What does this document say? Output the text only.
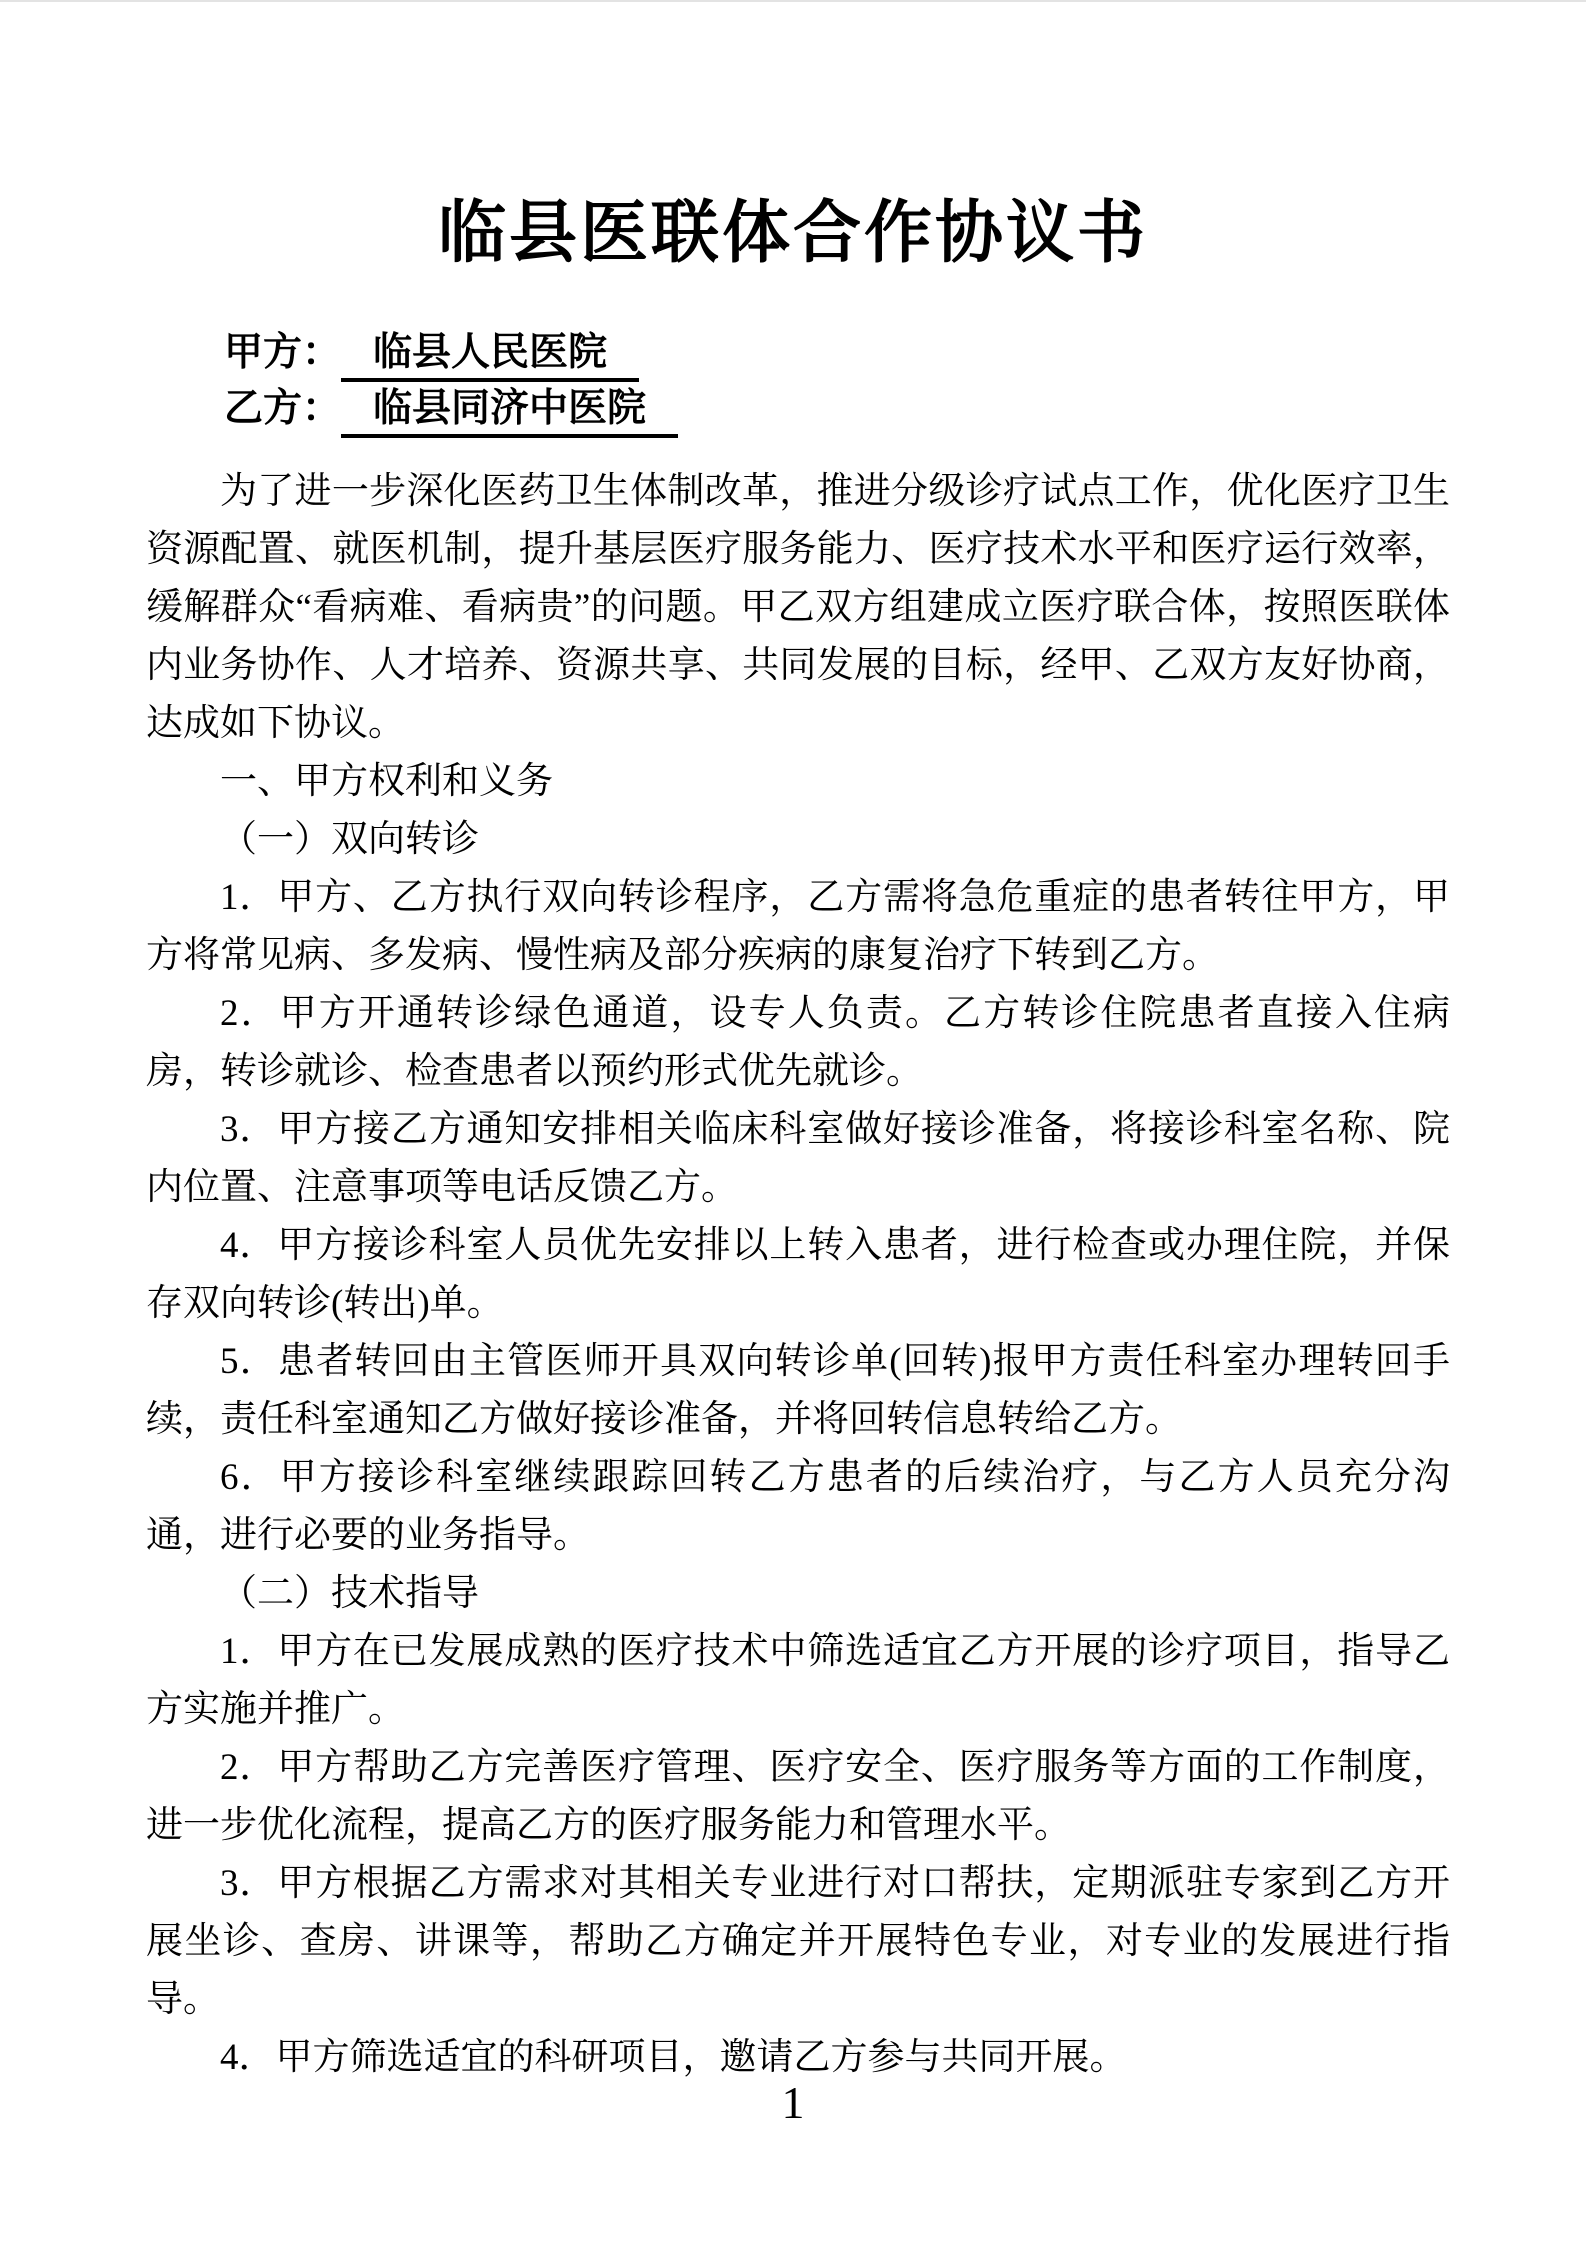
临县医联体合作协议书
甲方： 临县人民医院
乙方： 临县同济中医院

为了进一步深化医药卫生体制改革，推进分级诊疗试点工作，优化医疗卫生资源配置、就医机制，提升基层医疗服务能力、医疗技术水平和医疗运行效率，缓解群众“看病难、看病贵”的问题。甲乙双方组建成立医疗联合体，按照医联体内业务协作、人才培养、资源共享、共同发展的目标，经甲、乙双方友好协商，达成如下协议。

一、甲方权利和义务

（一）双向转诊

1．甲方、乙方执行双向转诊程序，乙方需将急危重症的患者转往甲方，甲方将常见病、多发病、慢性病及部分疾病的康复治疗下转到乙方。

2．甲方开通转诊绿色通道，设专人负责。乙方转诊住院患者直接入住病房，转诊就诊、检查患者以预约形式优先就诊。

3．甲方接乙方通知安排相关临床科室做好接诊准备，将接诊科室名称、院内位置、注意事项等电话反馈乙方。

4．甲方接诊科室人员优先安排以上转入患者，进行检查或办理住院，并保存双向转诊(转出)单。

5．患者转回由主管医师开具双向转诊单(回转)报甲方责任科室办理转回手续，责任科室通知乙方做好接诊准备，并将回转信息转给乙方。

6．甲方接诊科室继续跟踪回转乙方患者的后续治疗，与乙方人员充分沟通，进行必要的业务指导。

（二）技术指导

1．甲方在已发展成熟的医疗技术中筛选适宜乙方开展的诊疗项目，指导乙方实施并推广。

2．甲方帮助乙方完善医疗管理、医疗安全、医疗服务等方面的工作制度，进一步优化流程，提高乙方的医疗服务能力和管理水平。

3．甲方根据乙方需求对其相关专业进行对口帮扶，定期派驻专家到乙方开展坐诊、查房、讲课等，帮助乙方确定并开展特色专业，对专业的发展进行指导。

4．甲方筛选适宜的科研项目，邀请乙方参与共同开展。

1
